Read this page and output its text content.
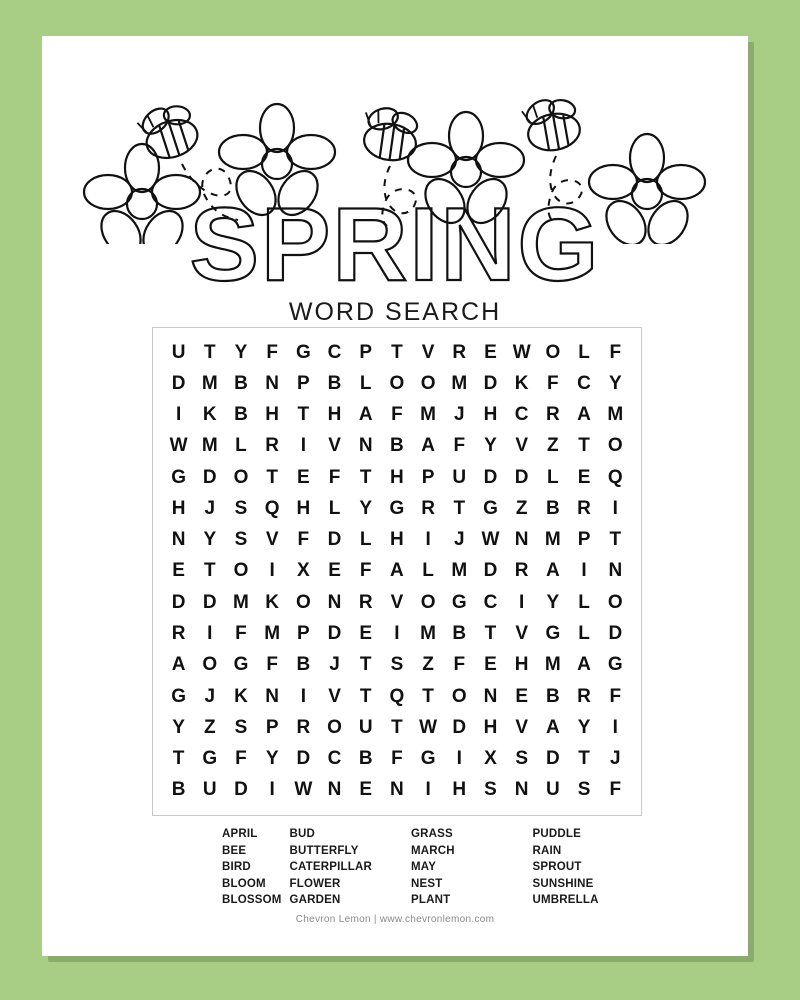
SPRING
WORD SEARCH
U	T	Y	F	G	C	P	T	V	R	E	W	O	L	F
D	M	B	N	P	B	L	O	O	M	D	K	F	C	Y
I	K	B	H	T	H	A	F	M	J	H	C	R	A	M
W	M	L	R	I	V	N	B	A	F	Y	V	Z	T	O
G	D	O	T	E	F	T	H	P	U	D	D	L	E	Q
H	J	S	Q	H	L	Y	G	R	T	G	Z	B	R	I
N	Y	S	V	F	D	L	H	I	J	W	N	M	P	T
E	T	O	I	X	E	F	A	L	M	D	R	A	I	N
D	D	M	K	O	N	R	V	O	G	C	I	Y	L	O
R	I	F	M	P	D	E	I	M	B	T	V	G	L	D
A	O	G	F	B	J	T	S	Z	F	E	H	M	A	G
G	J	K	N	I	V	T	Q	T	O	N	E	B	R	F
Y	Z	S	P	R	O	U	T	W	D	H	V	A	Y	I
T	G	F	Y	D	C	B	F	G	I	X	S	D	T	J
B	U	D	I	W	N	E	N	I	H	S	N	U	S	F
APRIL
BEE
BIRD
BLOOM
BLOSSOM
BUD
BUTTERFLY
CATERPILLAR
FLOWER
GARDEN
GRASS
MARCH
MAY
NEST
PLANT
PUDDLE
RAIN
SPROUT
SUNSHINE
UMBRELLA
Chevron Lemon | www.chevronlemon.com
